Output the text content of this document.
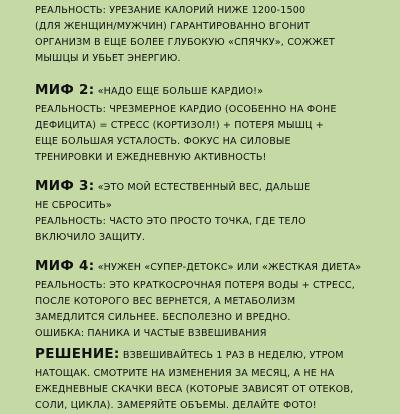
РЕАЛЬНОСТЬ: УРЕЗАНИЕ КАЛОРИЙ НИЖЕ 1200-1500
(ДЛЯ ЖЕНЩИН/МУЖЧИН) ГАРАНТИРОВАННО ВГОНИТ
ОРГАНИЗМ В ЕЩЕ БОЛЕЕ ГЛУБОКУЮ «СПЯЧКУ», СОЖЖЕТ
МЫШЦЫ И УБЬЕТ ЭНЕРГИЮ.
МИФ 2: «НАДО ЕЩЕ БОЛЬШЕ КАРДИО!»
РЕАЛЬНОСТЬ: ЧРЕЗМЕРНОЕ КАРДИО (ОСОБЕННО НА ФОНЕ
ДЕФИЦИТА) = СТРЕСС (КОРТИЗОЛ!) + ПОТЕРЯ МЫШЦ +
ЕЩЕ БОЛЬШАЯ УСТАЛОСТЬ. ФОКУС НА СИЛОВЫЕ
ТРЕНИРОВКИ И ЕЖЕДНЕВНУЮ АКТИВНОСТЬ!
МИФ 3: «ЭТО МОЙ ЕСТЕСТВЕННЫЙ ВЕС, ДАЛЬШЕ
НЕ СБРОСИТЬ»
РЕАЛЬНОСТЬ: ЧАСТО ЭТО ПРОСТО ТОЧКА, ГДЕ ТЕЛО
ВКЛЮЧИЛО ЗАЩИТУ.
МИФ 4: «НУЖЕН «СУПЕР-ДЕТОКС» ИЛИ «ЖЕСТКАЯ ДИЕТА»
РЕАЛЬНОСТЬ: ЭТО КРАТКОСРОЧНАЯ ПОТЕРЯ ВОДЫ + СТРЕСС,
ПОСЛЕ КОТОРОГО ВЕС ВЕРНЕТСЯ, А МЕТАБОЛИЗМ
ЗАМЕДЛИТСЯ СИЛЬНЕЕ. БЕСПОЛЕЗНО И ВРЕДНО.
ОШИБКА: ПАНИКА И ЧАСТЫЕ ВЗВЕШИВАНИЯ
РЕШЕНИЕ: ВЗВЕШИВАЙТЕСЬ 1 РАЗ В НЕДЕЛЮ, УТРОМ
НАТОЩАК. СМОТРИТЕ НА ИЗМЕНЕНИЯ ЗА МЕСЯЦ, А НЕ НА
ЕЖЕДНЕВНЫЕ СКАЧКИ ВЕСА (КОТОРЫЕ ЗАВИСЯТ ОТ ОТЕКОВ,
СОЛИ, ЦИКЛА). ЗАМЕРЯЙТЕ ОБЪЕМЫ. ДЕЛАЙТЕ ФОТО!
